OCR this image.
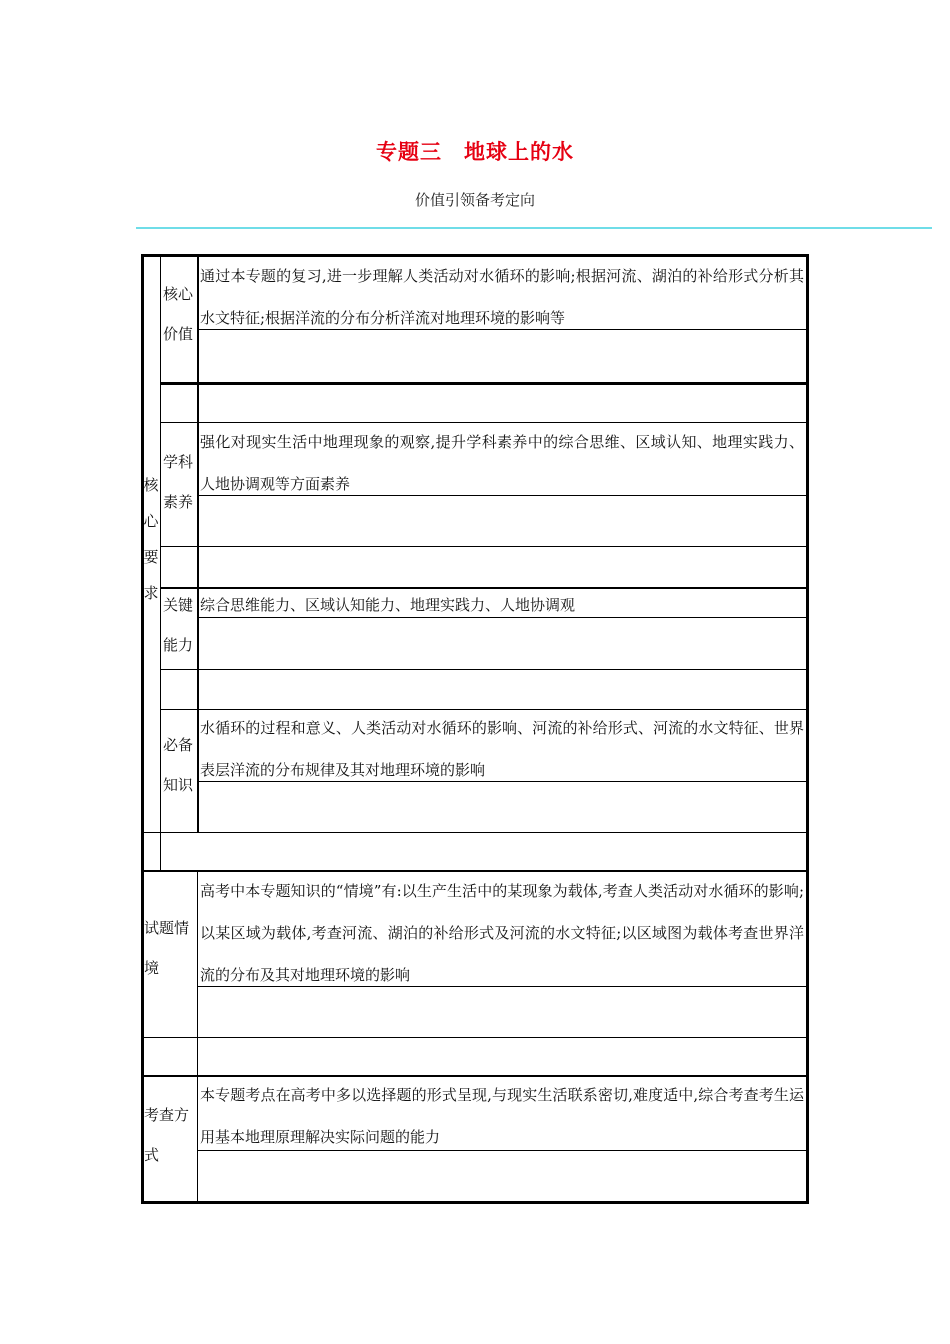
专题三　地球上的水
价值引领备考定向
核心要求
核心价值
通过本专题的复习,进一步理解人类活动对水循环的影响;根据河流、湖泊的补给形式分析其水文特征;根据洋流的分布分析洋流对地理环境的影响等
学科素养
强化对现实生活中地理现象的观察,提升学科素养中的综合思维、区域认知、地理实践力、人地协调观等方面素养
关键能力
综合思维能力、区域认知能力、地理实践力、人地协调观
必备知识
水循环的过程和意义、人类活动对水循环的影响、河流的补给形式、河流的水文特征、世界表层洋流的分布规律及其对地理环境的影响
试题情境
高考中本专题知识的“情境”有:以生产生活中的某现象为载体,考查人类活动对水循环的影响;以某区域为载体,考查河流、湖泊的补给形式及河流的水文特征;以区域图为载体考查世界洋流的分布及其对地理环境的影响
考查方式
本专题考点在高考中多以选择题的形式呈现,与现实生活联系密切,难度适中,综合考查考生运用基本地理原理解决实际问题的能力
